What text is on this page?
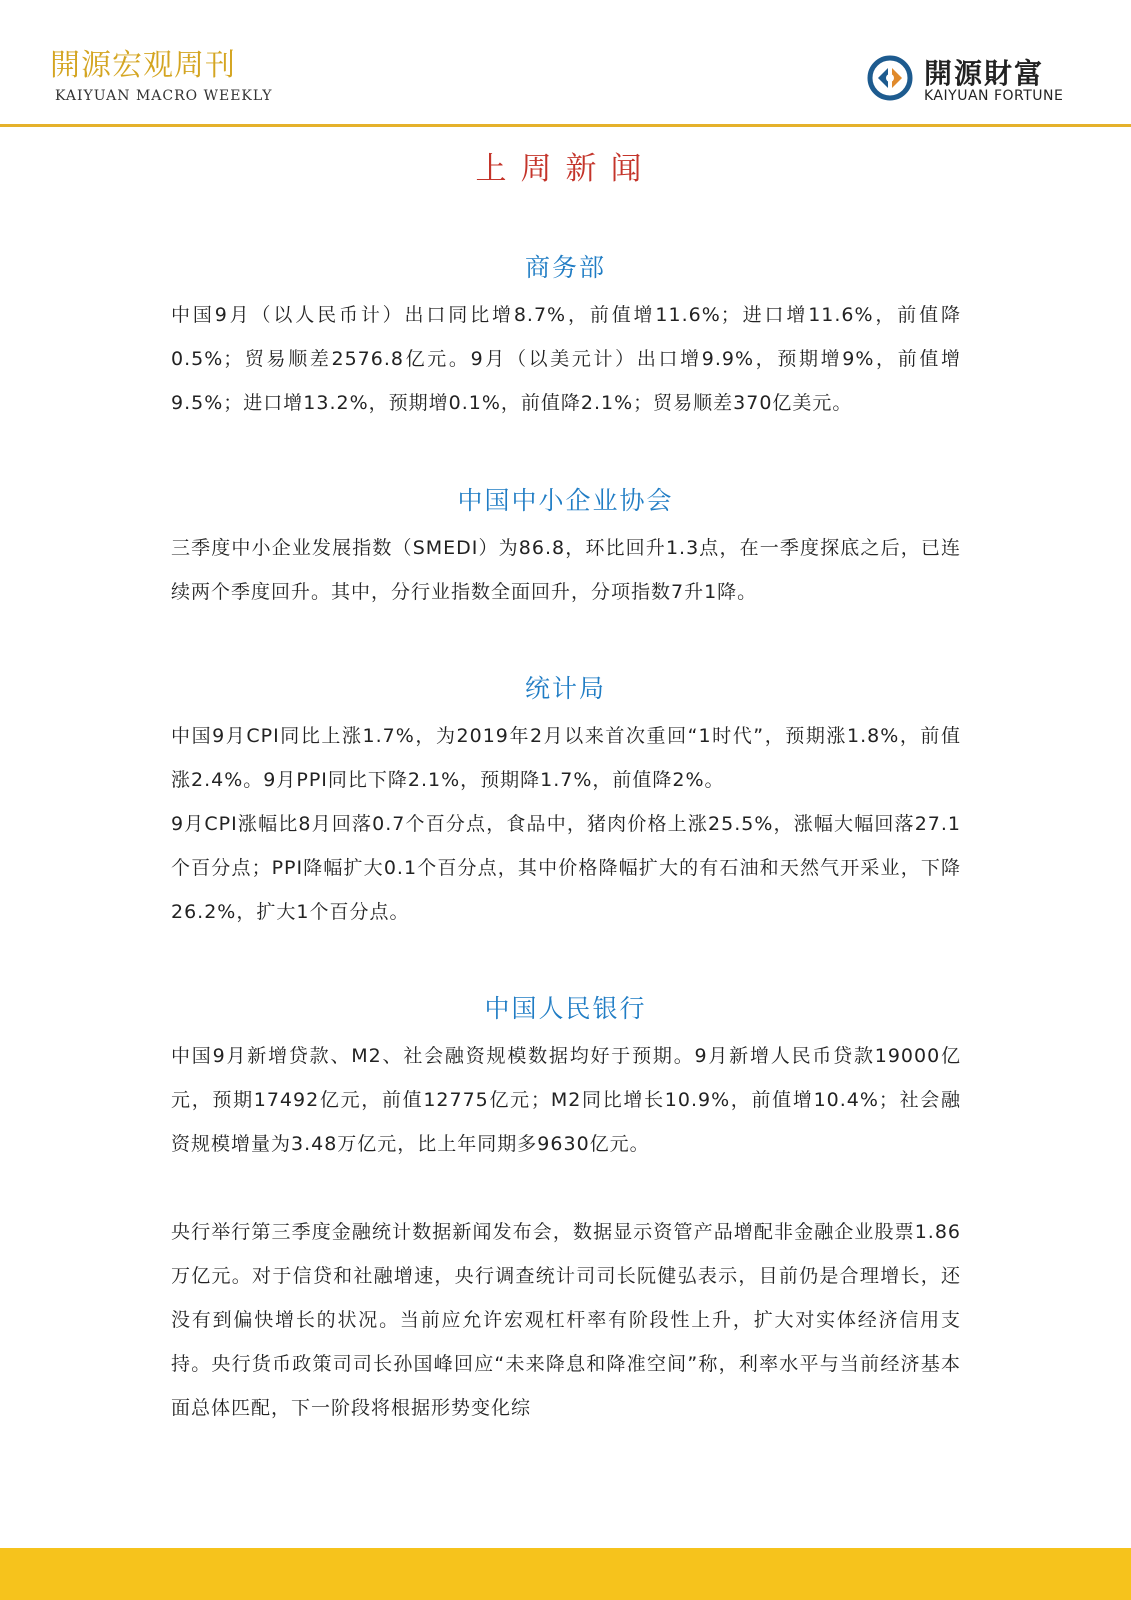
開源宏观周刊
KAIYUAN MACRO WEEKLY
開源財富
KAIYUAN FORTUNE
上周新闻
商务部

中国9月（以人民币计）出口同比增8.7%，前值增11.6%；进口增11.6%，前值降0.5%；贸易顺差2576.8亿元。9月（以美元计）出口增9.9%，预期增9%，前值增9.5%；进口增13.2%，预期增0.1%，前值降2.1%；贸易顺差370亿美元。

中国中小企业协会

三季度中小企业发展指数（SMEDI）为86.8，环比回升1.3点，在一季度探底之后，已连续两个季度回升。其中，分行业指数全面回升，分项指数7升1降。

统计局

中国9月CPI同比上涨1.7%，为2019年2月以来首次重回“1时代”，预期涨1.8%，前值涨2.4%。9月PPI同比下降2.1%，预期降1.7%，前值降2%。

9月CPI涨幅比8月回落0.7个百分点，食品中，猪肉价格上涨25.5%，涨幅大幅回落27.1个百分点；PPI降幅扩大0.1个百分点，其中价格降幅扩大的有石油和天然气开采业，下降26.2%，扩大1个百分点。

中国人民银行

中国9月新增贷款、M2、社会融资规模数据均好于预期。9月新增人民币贷款19000亿元，预期17492亿元，前值12775亿元；M2同比增长10.9%，前值增10.4%；社会融资规模增量为3.48万亿元，比上年同期多9630亿元。

央行举行第三季度金融统计数据新闻发布会，数据显示资管产品增配非金融企业股票1.86万亿元。对于信贷和社融增速，央行调查统计司司长阮健弘表示，目前仍是合理增长，还没有到偏快增长的状况。当前应允许宏观杠杆率有阶段性上升，扩大对实体经济信用支持。央行货币政策司司长孙国峰回应“未来降息和降准空间”称，利率水平与当前经济基本面总体匹配，下一阶段将根据形势变化综
